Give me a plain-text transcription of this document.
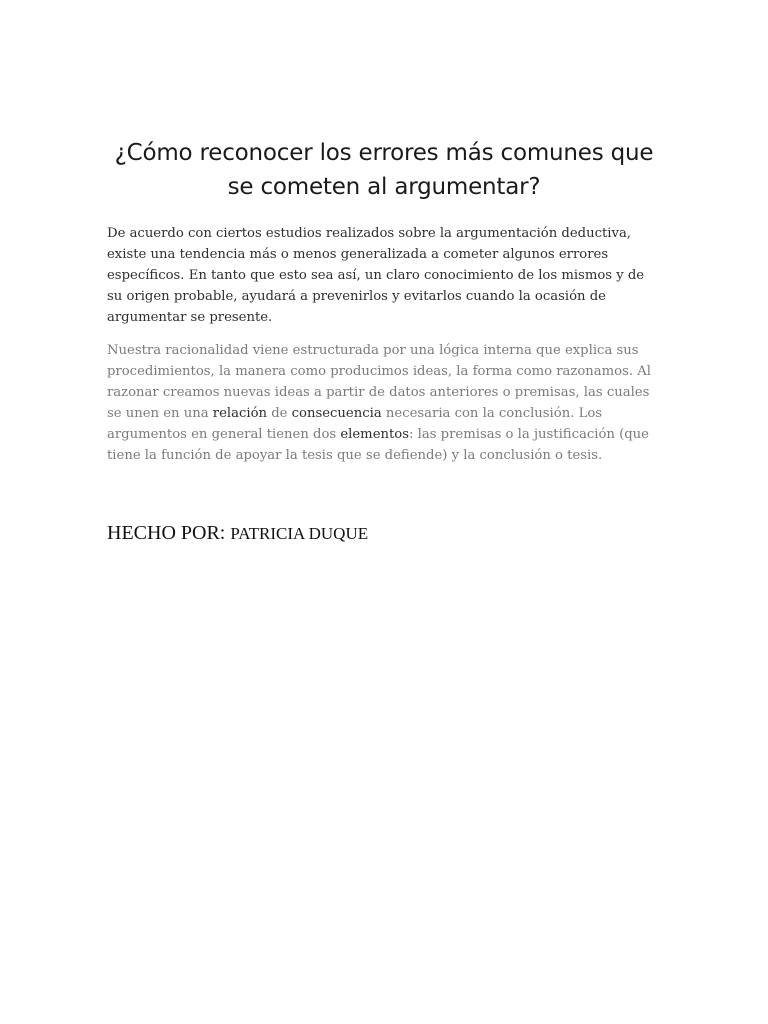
¿Cómo reconocer los errores más comunes que se cometen al argumentar?

De acuerdo con ciertos estudios realizados sobre la argumentación deductiva, existe una tendencia más o menos generalizada a cometer algunos errores específicos. En tanto que esto sea así, un claro conocimiento de los mismos y de su origen probable, ayudará a prevenirlos y evitarlos cuando la ocasión de argumentar se presente.

Nuestra racionalidad viene estructurada por una lógica interna que explica sus procedimientos, la manera como producimos ideas, la forma como razonamos. Al razonar creamos nuevas ideas a partir de datos anteriores o premisas, las cuales se unen en una relación de consecuencia necesaria con la conclusión. Los argumentos en general tienen dos elementos: las premisas o la justificación (que tiene la función de apoyar la tesis que se defiende) y la conclusión o tesis.

HECHO POR: PATRICIA DUQUE
